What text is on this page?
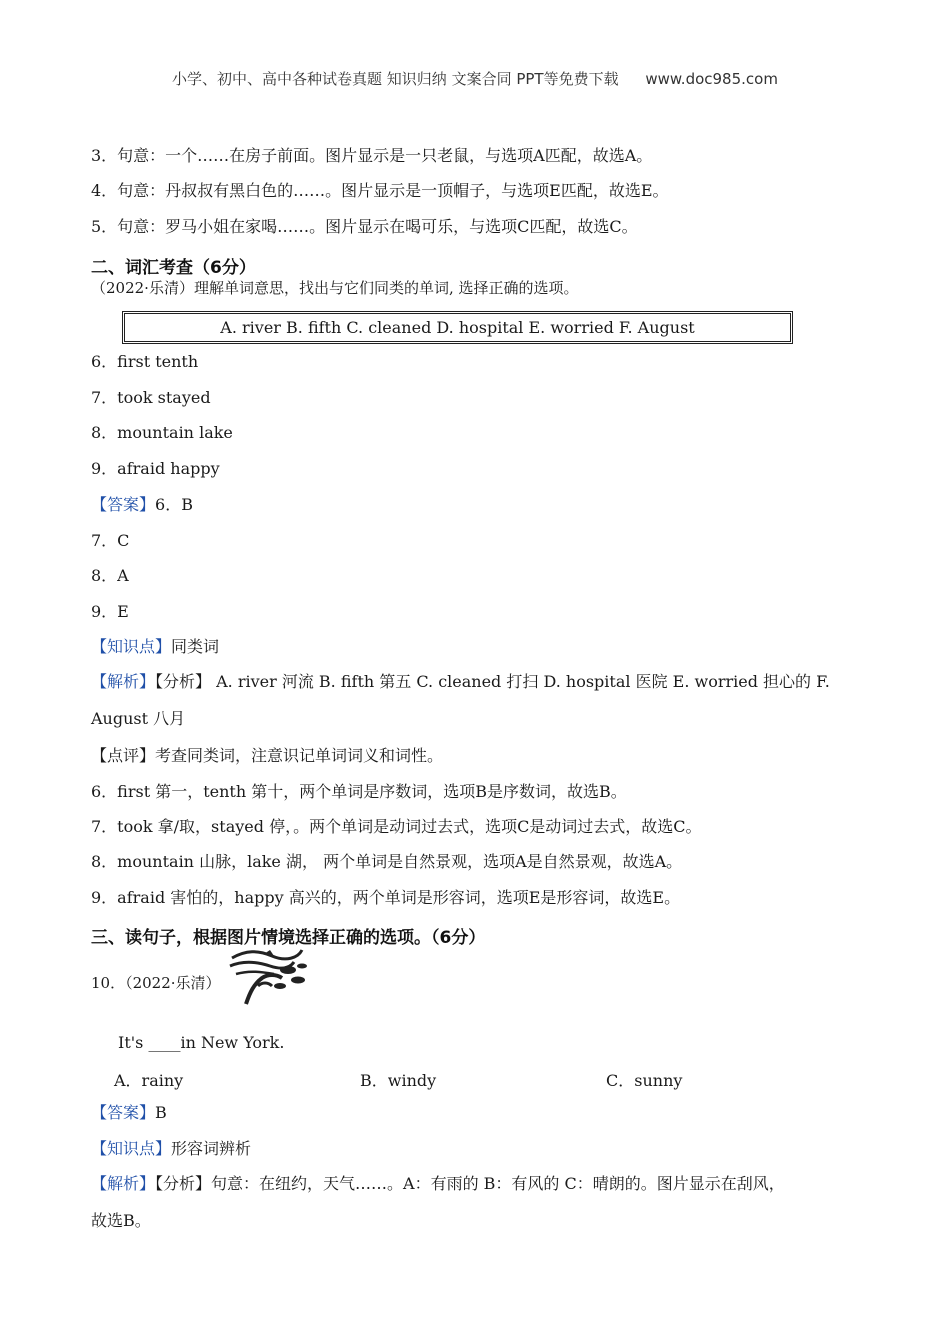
小学、初中、高中各种试卷真题 知识归纳 文案合同 PPT等免费下载 www.doc985.com
3．句意：一个……在房子前面。图片显示是一只老鼠，与选项A匹配，故选A。
4．句意：丹叔叔有黑白色的……。图片显示是一顶帽子，与选项E匹配，故选E。
5．句意：罗马小姐在家喝……。图片显示在喝可乐，与选项C匹配，故选C。
二、词汇考查（6分）
（2022·乐清）理解单词意思，找出与它们同类的单词, 选择正确的选项。
A. river B. fifth C. cleaned D. hospital E. worried F. August
6．first tenth
7．took stayed
8．mountain lake
9．afraid happy
【答案】6．B
7．C
8．A
9．E
【知识点】同类词
【解析】【分析】 A. river 河流 B. fifth 第五 C. cleaned 打扫 D. hospital 医院 E. worried 担心的 F.
August 八月
【点评】考查同类词，注意识记单词词义和词性。
6．first 第一，tenth 第十，两个单词是序数词，选项B是序数词，故选B。
7．took 拿/取，stayed 停，。两个单词是动词过去式，选项C是动词过去式，故选C。
8．mountain 山脉，lake 湖， 两个单词是自然景观，选项A是自然景观，故选A。
9．afraid 害怕的，happy 高兴的，两个单词是形容词，选项E是形容词，故选E。
三、读句子，根据图片情境选择正确的选项。（6分）
10．（2022·乐清）
It's ____in New York.
A．rainy	B．windy	C．sunny
【答案】B
【知识点】形容词辨析
【解析】【分析】句意：在纽约，天气……。A：有雨的 B：有风的 C：晴朗的。图片显示在刮风，
故选B。
